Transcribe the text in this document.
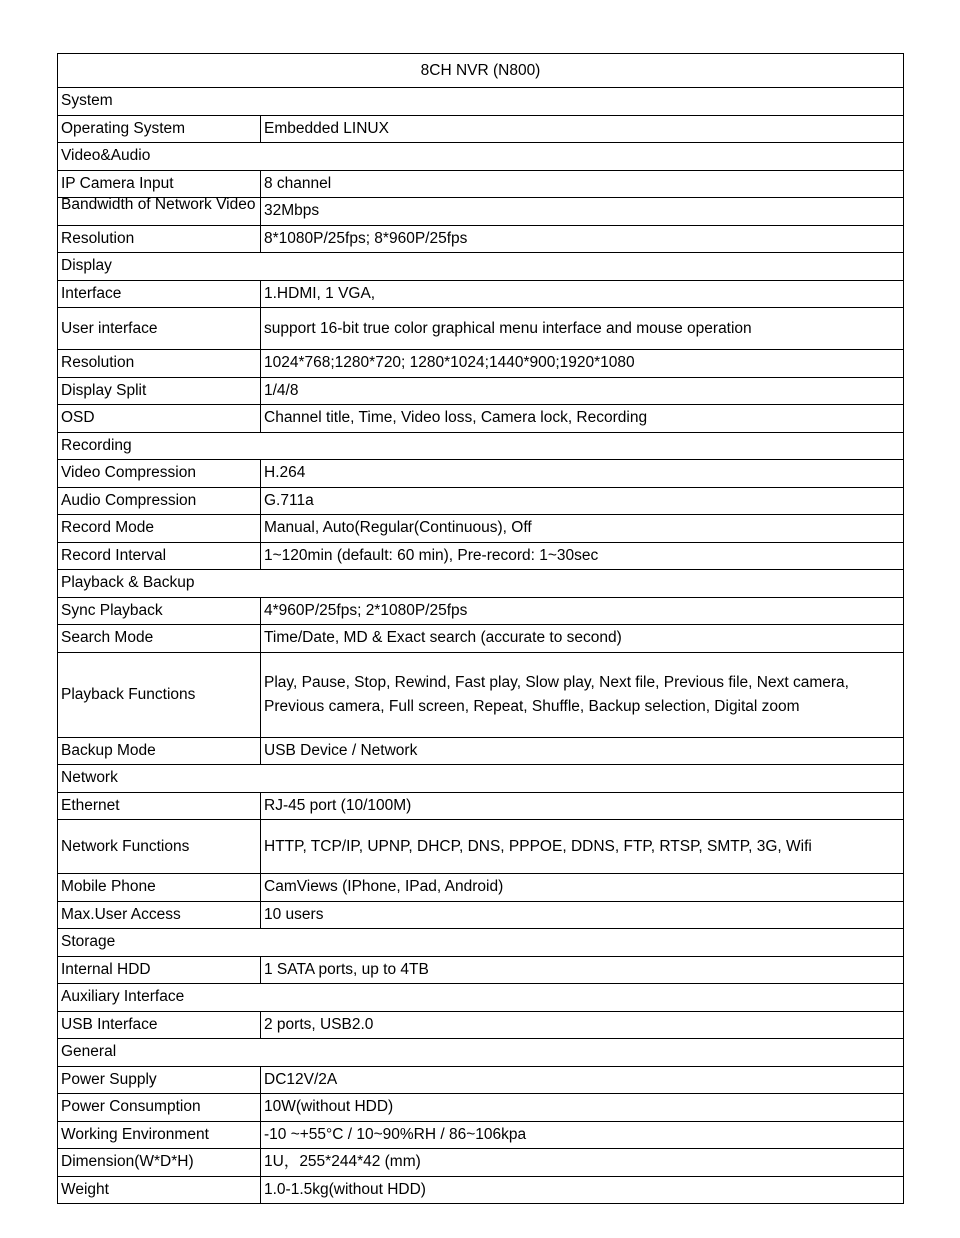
8CH NVR (N800)	
System	
Operating System	Embedded LINUX
Video&Audio	
IP Camera Input	8 channel

Bandwidth of Network Video	32Mbps
Resolution	8*1080P/25fps; 8*960P/25fps
Display	
Interface	1.HDMI, 1 VGA,
User interface	support 16-bit true color graphical menu interface and mouse operation
Resolution	1024*768;1280*720; 1280*1024;1440*900;1920*1080
Display Split	1/4/8
OSD	Channel title, Time, Video loss, Camera lock, Recording
Recording	
Video Compression	H.264
Audio Compression	G.711a
Record Mode	Manual, Auto(Regular(Continuous), Off
Record Interval	1~120min (default: 60 min), Pre-record: 1~30sec
Playback & Backup	
Sync Playback	4*960P/25fps; 2*1080P/25fps
Search Mode	Time/Date, MD & Exact search (accurate to second)
Playback Functions	Play, Pause, Stop, Rewind, Fast play, Slow play, Next file, Previous file, Next camera, Previous camera, Full screen, Repeat, Shuffle, Backup selection, Digital zoom
Backup Mode	USB Device / Network
Network	
Ethernet	RJ-45 port (10/100M)
Network Functions	HTTP, TCP/IP, UPNP, DHCP, DNS, PPPOE, DDNS, FTP, RTSP, SMTP, 3G, Wifi
Mobile Phone	CamViews (IPhone, IPad, Android)
Max.User Access	10 users
Storage	
Internal HDD	1 SATA ports, up to 4TB
Auxiliary Interface	
USB Interface	2 ports, USB2.0
General	
Power Supply	DC12V/2A
Power Consumption	10W(without HDD)
Working Environment	-10 ~+55°C / 10~90%RH / 86~106kpa
Dimension(W*D*H)	1U，255*244*42 (mm)
Weight	1.0-1.5kg(without HDD)
